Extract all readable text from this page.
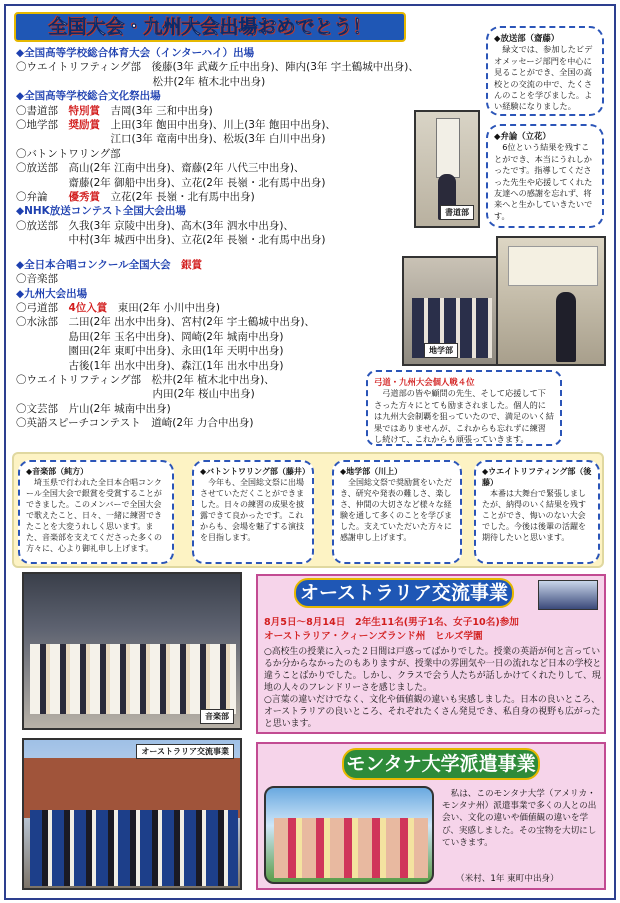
全国大会・九州大会出場おめでとう！
◆全国高等学校総合体育大会（インターハイ）出場
〇ウエイトリフティング部　後藤(3年 武蔵ケ丘中出身)、陣内(3年 宇土鶴城中出身)、
　　　　　　　　　　　　　松井(2年 植木北中出身)
◆全国高等学校総合文化祭出場
〇書道部　特別賞　吉岡(3年 三和中出身)
〇地学部　奨励賞　上田(3年 飽田中出身)、川上(3年 飽田中出身)、
　　　　　　　　　江口(3年 竜南中出身)、松坂(3年 白川中出身)
〇バトントワリング部
〇放送部　高山(2年 江南中出身)、齋藤(2年 八代三中出身)、
　　　　　齋藤(2年 御船中出身)、立花(2年 長嶺・北有馬中出身)
〇弁論　　優秀賞　立花(2年 長嶺・北有馬中出身)
◆NHK放送コンテスト全国大会出場
〇放送部　久我(3年 京陵中出身)、高木(3年 泗水中出身)、
　　　　　中村(3年 城西中出身)、立花(2年 長嶺・北有馬中出身)
◆全日本合唱コンクール全国大会　銀賞
〇音楽部
◆九州大会出場
〇弓道部　4位入賞　東田(2年 小川中出身)
〇水泳部　二田(2年 出水中出身)、宮村(2年 宇土鶴城中出身)、
　　　　　島田(2年 玉名中出身)、岡崎(2年 城南中出身)
　　　　　園田(2年 東町中出身)、永田(1年 天明中出身)
　　　　　古後(1年 出水中出身)、森江(1年 出水中出身)
〇ウエイトリフティング部　松井(2年 植木北中出身)、
　　　　　　　　　　　　　内田(2年 桜山中出身)
〇文芸部　片山(2年 城南中出身)
〇英語スピーチコンテスト　道崎(2年 力合中出身)
◆放送部（齋藤）
　緑文では、参加したビデオメッセージ部門を中心に見ることができ、全国の高校との交流の中で、たくさんのことを学びました。よい経験になりました。
◆弁論（立花）
　6位という結果を残すことができ、本当にうれしかったです。指導してくださった先生や応援してくれた友達への感謝を忘れず、将来へと生かしていきたいです。
書道部
地学部
弓道・九州大会個人戦４位
　弓道部の皆や顧問の先生、そして応援して下さった方々にとても励まされました。個人的には九州大会制覇を狙っていたので、満足のいく結果ではありませんが、これからも忘れずに練習し続けて、これからも頑張っていきます。
◆音楽部（純方）
　埼玉県で行われた全日本合唱コンクール全国大会で銀賞を受賞することができました。このメンバーで全国大会で歌えたこと、日々、一緒に練習できたことを大変うれしく思います。また、音楽部を支えてくださった多くの方々に、心より御礼申し上げます。
◆バトントワリング部（藤井）
　今年も、全国総文祭に出場させていただくことができました。日々の練習の成果を披露できて良かったです。これからも、会場を魅了する演技を目指します。
◆地学部（川上）
　全国総文祭で奨励賞をいただき、研究や発表の難しさ、楽しさ、仲間の大切さなど様々な経験を通して多くのことを学びました。支えていただいた方々に感謝申し上げます。
◆ウエイトリフティング部（後藤）
　本番は大舞台で緊張しましたが、納得のいく結果を残すことができ、悔いのない大会でした。今後は後輩の活躍を期待したいと思います。
音楽部
オーストラリア交流事業
オーストラリア交流事業
8月5日～8月14日　2年生11名(男子1名、女子10名)参加
オーストラリア・クィーンズランド州　ヒルズ学園
○高校生の授業に入った２日間は戸惑ってばかりでした。授業の英語が何と言っているか分からなかったのもありますが、授業中の雰囲気や一日の流れなど日本の学校と違うことばかりでした。しかし、クラスで会う人たちが話しかけてくれたりして、現地の人々のフレンドリーさを感じました。
○言葉の違いだけでなく、文化や価値観の違いも実感しました。日本の良いところ、オーストラリアの良いところ、それぞれたくさん発見でき、私自身の視野も広がったと思います。
モンタナ大学派遣事業
　私は、このモンタナ大学（アメリカ・モンタナ州）派遣事業で多くの人との出会い、文化の違いや価値観の違いを学び、実感しました。その宝物を大切にしていきます。
（米村、1年 東町中出身）
